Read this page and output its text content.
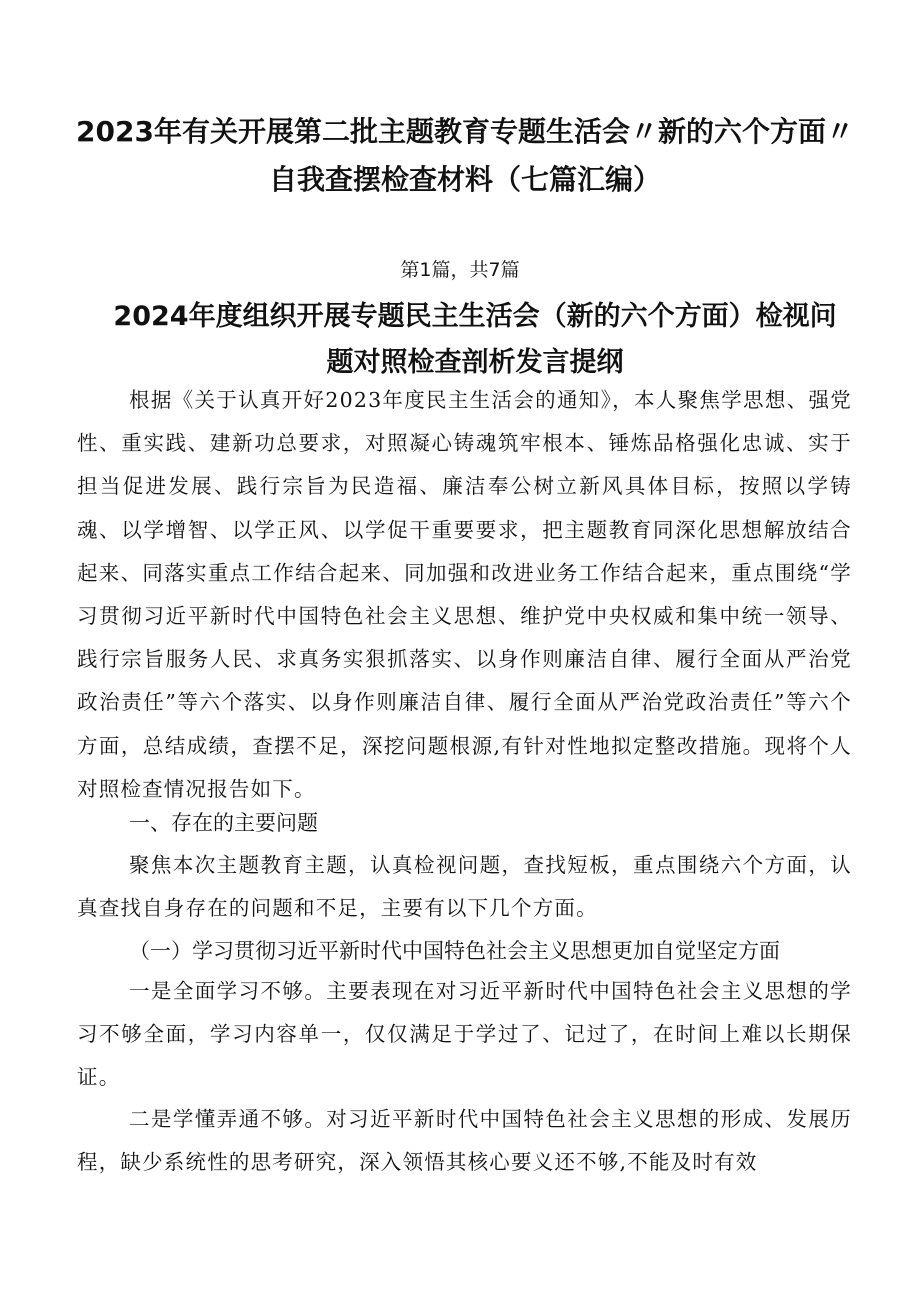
2023年有关开展第二批主题教育专题生活会〃新的六个方面〃自我查摆检查材料（七篇汇编）
第1篇，共7篇
2024年度组织开展专题民主生活会（新的六个方面）检视问题对照检查剖析发言提纲

根据《关于认真开好2023年度民主生活会的通知》，本人聚焦学思想、强党性、重实践、建新功总要求，对照凝心铸魂筑牢根本、锤炼品格强化忠诚、实于担当促进发展、践行宗旨为民造福、廉洁奉公树立新风具体目标，按照以学铸魂、以学增智、以学正风、以学促干重要要求，把主题教育同深化思想解放结合起来、同落实重点工作结合起来、同加强和改进业务工作结合起来，重点围绕“学习贯彻习近平新时代中国特色社会主义思想、维护党中央权威和集中统一领导、践行宗旨服务人民、求真务实狠抓落实、以身作则廉洁自律、履行全面从严治党政治责任”等六个落实、以身作则廉洁自律、履行全面从严治党政治责任”等六个方面，总结成绩，查摆不足，深挖问题根源,有针对性地拟定整改措施。现将个人对照检查情况报告如下。

一、存在的主要问题

聚焦本次主题教育主题，认真检视问题，查找短板，重点围绕六个方面，认真查找自身存在的问题和不足，主要有以下几个方面。

（一）学习贯彻习近平新时代中国特色社会主义思想更加自觉坚定方面

一是全面学习不够。主要表现在对习近平新时代中国特色社会主义思想的学习不够全面，学习内容单一，仅仅满足于学过了、记过了，在时间上难以长期保证。

二是学懂弄通不够。对习近平新时代中国特色社会主义思想的形成、发展历程，缺少系统性的思考研究，深入领悟其核心要义还不够,不能及时有效
